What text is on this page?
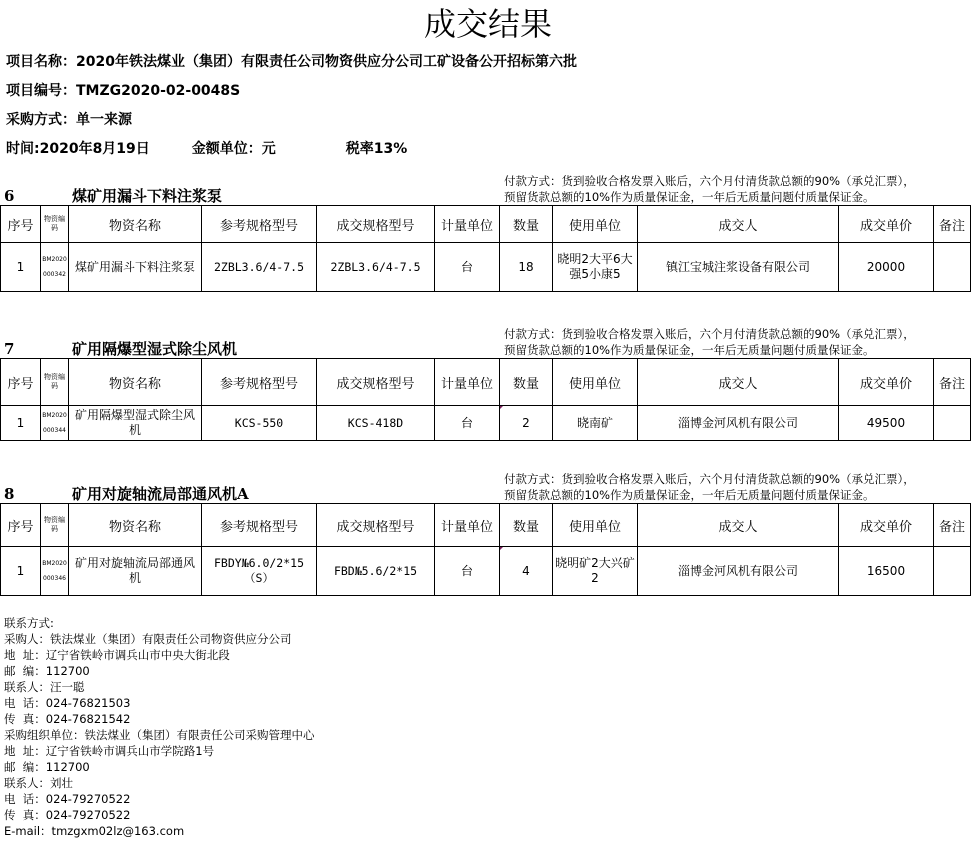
成交结果
项目名称：2020年铁法煤业（集团）有限责任公司物资供应分公司工矿设备公开招标第六批
项目编号：TMZG2020-02-0048S
采购方式：单一来源
时间:2020年8月19日	金额单位：元	税率13%
付款方式：货到验收合格发票入账后，六个月付清货款总额的90%（承兑汇票），
预留货款总额的10%作为质量保证金，一年后无质量问题付质量保证金。
6	煤矿用漏斗下料注浆泵
序号	物资编码	物资名称	参考规格型号	成交规格型号	计量单位	数量	使用单位	成交人	成交单价	备注
1	BM2020000342	煤矿用漏斗下料注浆泵	2ZBL3.6/4-7.5	2ZBL3.6/4-7.5	台	18	晓明2大平6大强5小康5	镇江宝城注浆设备有限公司	20000	
付款方式：货到验收合格发票入账后，六个月付清货款总额的90%（承兑汇票），
预留货款总额的10%作为质量保证金，一年后无质量问题付质量保证金。
7	矿用隔爆型湿式除尘风机
序号	物资编码	物资名称	参考规格型号	成交规格型号	计量单位	数量	使用单位	成交人	成交单价	备注
1	BM2020000344	矿用隔爆型湿式除尘风机	KCS-550	KCS-418D	台	2	晓南矿	淄博金河风机有限公司	49500	
付款方式：货到验收合格发票入账后，六个月付清货款总额的90%（承兑汇票），
预留货款总额的10%作为质量保证金，一年后无质量问题付质量保证金。
8	矿用对旋轴流局部通风机A
序号	物资编码	物资名称	参考规格型号	成交规格型号	计量单位	数量	使用单位	成交人	成交单价	备注
1	BM2020000346	矿用对旋轴流局部通风机	FBDY№6.0/2*15（S）	FBD№5.6/2*15	台	4	晓明矿2大兴矿2	淄博金河风机有限公司	16500	
联系方式:
采购人：铁法煤业（集团）有限责任公司物资供应分公司
地  址：辽宁省铁岭市调兵山市中央大街北段
邮  编：112700
联系人：汪一聪
电  话：024-76821503
传  真：024-76821542
采购组织单位：铁法煤业（集团）有限责任公司采购管理中心
地  址：辽宁省铁岭市调兵山市学院路1号
邮  编：112700
联系人：刘壮
电  话：024-79270522
传  真：024-79270522
E-mail：tmzgxm02lz@163.com
